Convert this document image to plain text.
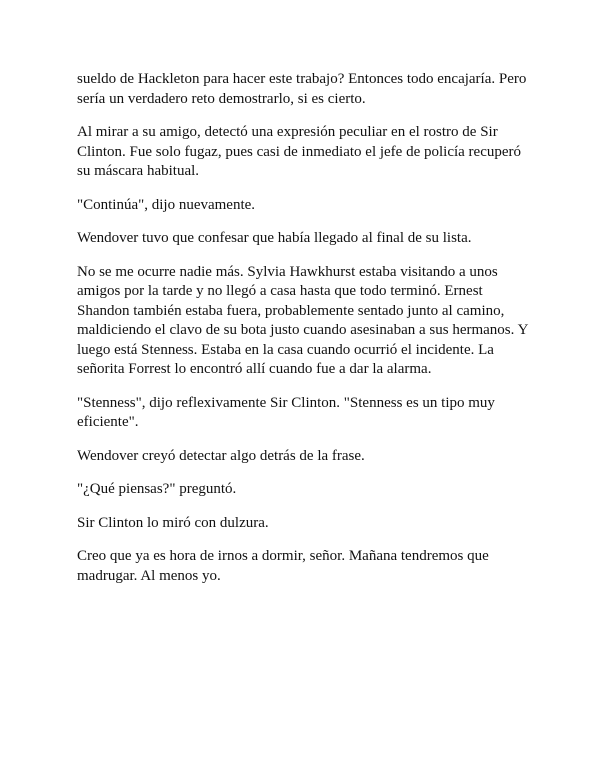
sueldo de Hackleton para hacer este trabajo? Entonces todo encajaría. Pero sería un verdadero reto demostrarlo, si es cierto.

Al mirar a su amigo, detectó una expresión peculiar en el rostro de Sir Clinton. Fue solo fugaz, pues casi de inmediato el jefe de policía recuperó su máscara habitual.

"Continúa", dijo nuevamente.

Wendover tuvo que confesar que había llegado al final de su lista.

No se me ocurre nadie más. Sylvia Hawkhurst estaba visitando a unos amigos por la tarde y no llegó a casa hasta que todo terminó. Ernest Shandon también estaba fuera, probablemente sentado junto al camino, maldiciendo el clavo de su bota justo cuando asesinaban a sus hermanos. Y luego está Stenness. Estaba en la casa cuando ocurrió el incidente. La señorita Forrest lo encontró allí cuando fue a dar la alarma.

"Stenness", dijo reflexivamente Sir Clinton. "Stenness es un tipo muy eficiente".

Wendover creyó detectar algo detrás de la frase.

"¿Qué piensas?" preguntó.

Sir Clinton lo miró con dulzura.

Creo que ya es hora de irnos a dormir, señor. Mañana tendremos que madrugar. Al menos yo.
